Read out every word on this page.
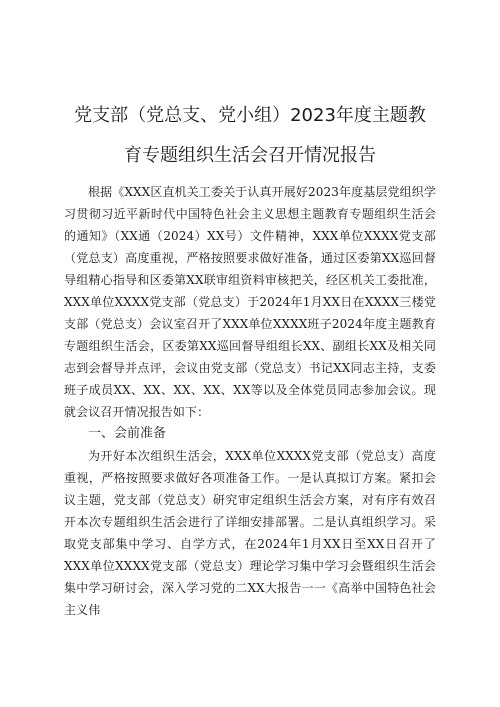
党支部（党总支、党小组）2023年度主题教
育专题组织生活会召开情况报告

根据《XXX区直机关工委关于认真开展好2023年度基层党组织学习贯彻习近平新时代中国特色社会主义思想主题教育专题组织生活会的通知》（XX通（2024）XX号）文件精神，XXX单位XXXX党支部（党总支）高度重视，严格按照要求做好准备，通过区委第XX巡回督导组精心指导和区委第XX联审组资料审核把关，经区机关工委批准，XXX单位XXXX党支部（党总支）于2024年1月XX日在XXXX三楼党支部（党总支）会议室召开了XXX单位XXXX班子2024年度主题教育专题组织生活会，区委第XX巡回督导组组长XX、副组长XX及相关同志到会督导并点评，会议由党支部（党总支）书记XX同志主持，支委班子成员XX、XX、XX、XX、XX等以及全体党员同志参加会议。现就会议召开情况报告如下：

一、会前准备

为开好本次组织生活会，XXX单位XXXX党支部（党总支）高度重视，严格按照要求做好各项准备工作。一是认真拟订方案。紧扣会议主题，党支部（党总支）研究审定组织生活会方案，对有序有效召开本次专题组织生活会进行了详细安排部署。二是认真组织学习。采取党支部集中学习、自学方式，在2024年1月XX日至XX日召开了XXX单位XXXX党支部（党总支）理论学习集中学习会暨组织生活会集中学习研讨会，深入学习党的二XX大报告一一《高举中国特色社会主义伟
